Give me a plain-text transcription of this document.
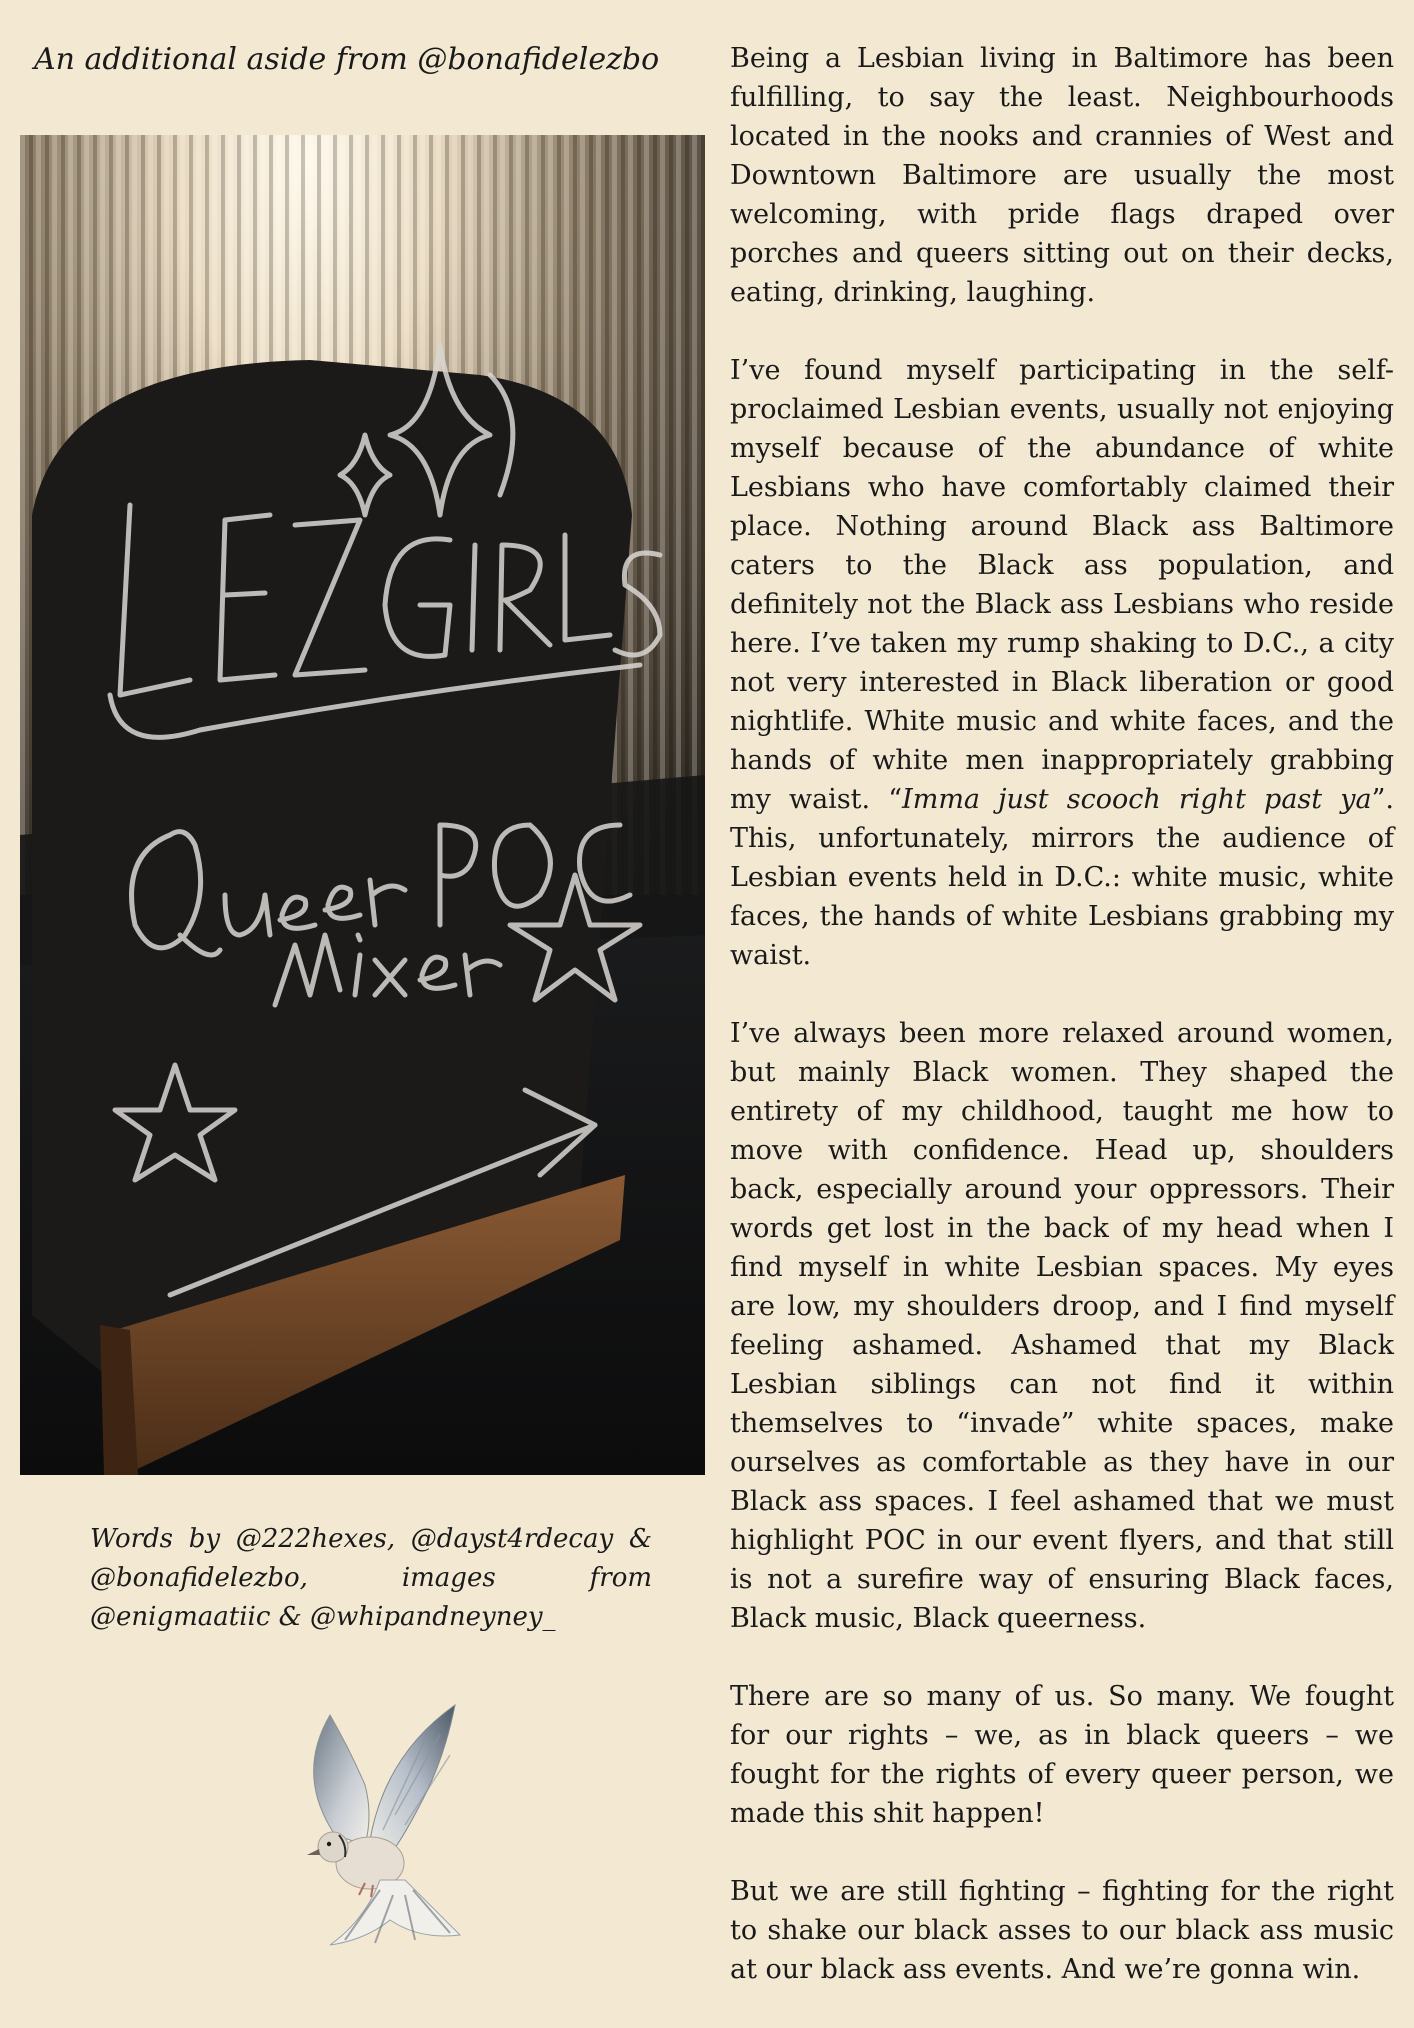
An additional aside from @bonafidelezbo

Words by @222hexes, @dayst4rdecay & @bonafidelezbo, images from @enigmaatiic & @whipandneyney_

Being a Lesbian living in Baltimore has been fulfilling, to say the least. Neighbourhoods located in the nooks and crannies of West and Downtown Baltimore are usually the most welcoming, with pride flags draped over porches and queers sitting out on their decks, eating, drinking, laughing.

I’ve found myself participating in the self-proclaimed Lesbian events, usually not enjoying myself because of the abundance of white Lesbians who have comfortably claimed their place. Nothing around Black ass Baltimore caters to the Black ass population, and definitely not the Black ass Lesbians who reside here. I’ve taken my rump shaking to D.C., a city not very interested in Black liberation or good nightlife. White music and white faces, and the hands of white men inappropriately grabbing my waist. “Imma just scooch right past ya”. This, unfortunately, mirrors the audience of Lesbian events held in D.C.: white music, white faces, the hands of white Lesbians grabbing my waist.

I’ve always been more relaxed around women, but mainly Black women. They shaped the entirety of my childhood, taught me how to move with confidence. Head up, shoulders back, especially around your oppressors. Their words get lost in the back of my head when I find myself in white Lesbian spaces. My eyes are low, my shoulders droop, and I find myself feeling ashamed. Ashamed that my Black Lesbian siblings can not find it within themselves to “invade” white spaces, make ourselves as comfortable as they have in our Black ass spaces. I feel ashamed that we must highlight POC in our event flyers, and that still is not a surefire way of ensuring Black faces, Black music, Black queerness.

There are so many of us. So many. We fought for our rights – we, as in black queers – we fought for the rights of every queer person, we made this shit happen!

But we are still fighting – fighting for the right to shake our black asses to our black ass music at our black ass events. And we’re gonna win.
